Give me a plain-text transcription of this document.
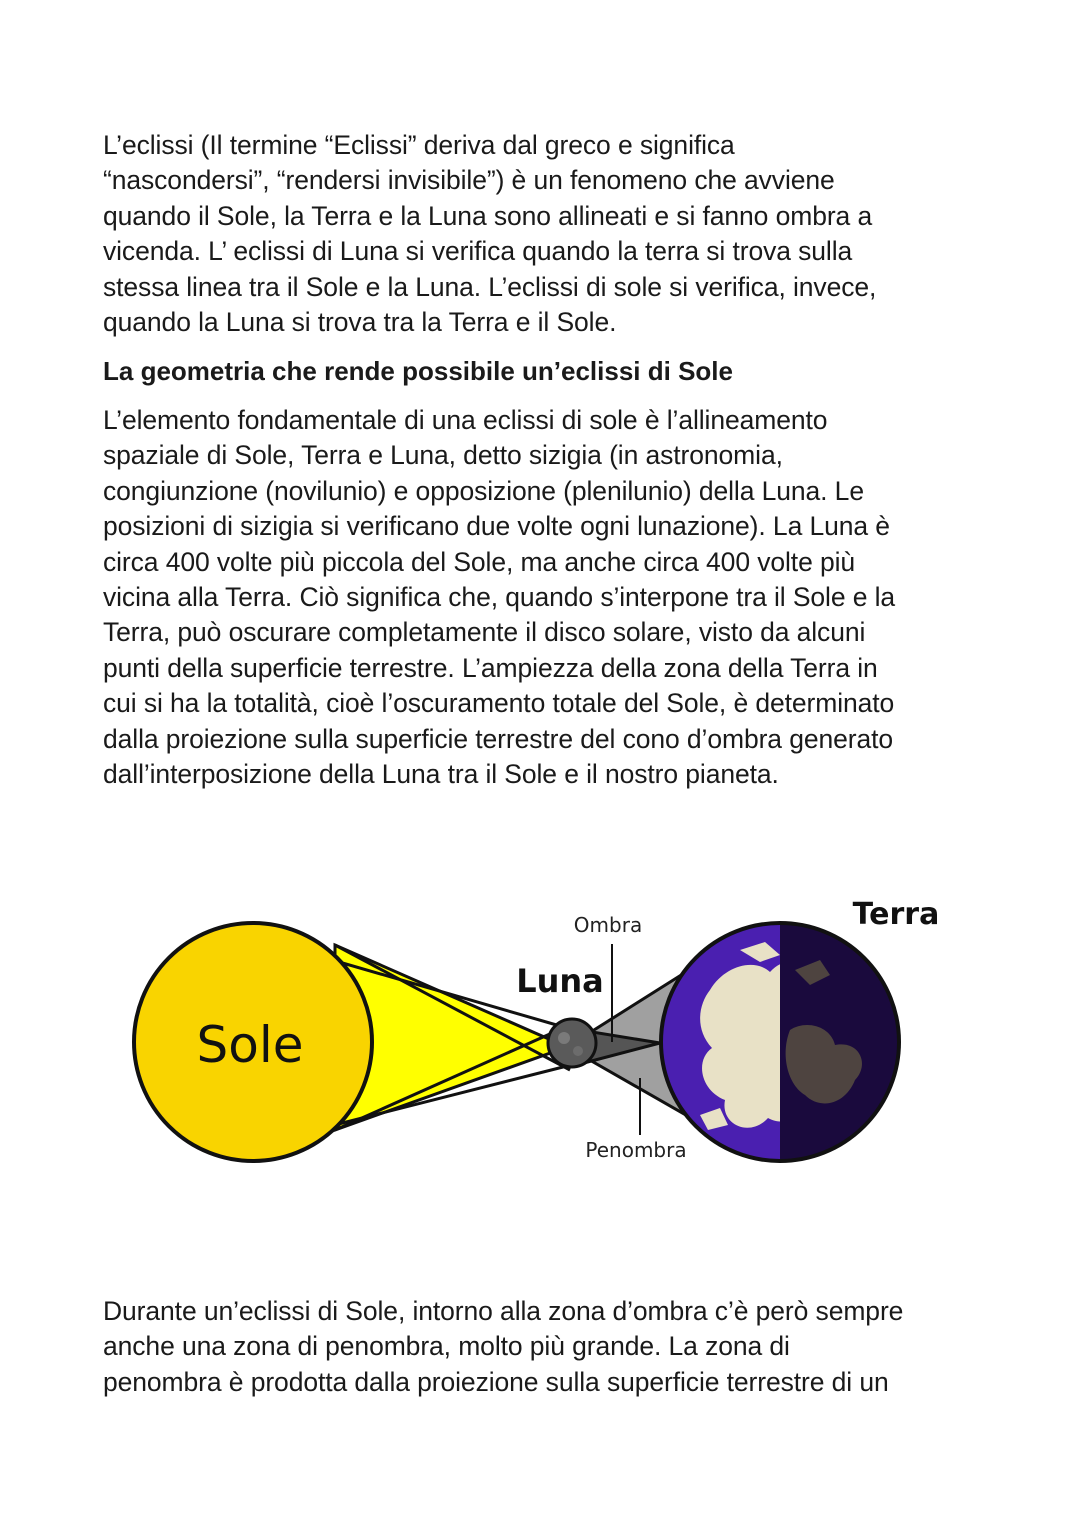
L’eclissi (Il termine “Eclissi” deriva dal greco e significa
“nascondersi”, “rendersi invisibile”) è un fenomeno che avviene
quando il Sole, la Terra e la Luna sono allineati e si fanno ombra a
vicenda. L’ eclissi di Luna si verifica quando la terra si trova sulla
stessa linea tra il Sole e la Luna. L’eclissi di sole si verifica, invece,
quando la Luna si trova tra la Terra e il Sole.

La geometria che rende possibile un’eclissi di Sole

L’elemento fondamentale di una eclissi di sole è l’allineamento
spaziale di Sole, Terra e Luna, detto sizigia (in astronomia,
congiunzione (novilunio) e opposizione (plenilunio) della Luna. Le
posizioni di sizigia si verificano due volte ogni lunazione). La Luna è
circa 400 volte più piccola del Sole, ma anche circa 400 volte più
vicina alla Terra. Ciò significa che, quando s’interpone tra il Sole e la
Terra, può oscurare completamente il disco solare, visto da alcuni
punti della superficie terrestre. L’ampiezza della zona della Terra in
cui si ha la totalità, cioè l’oscuramento totale del Sole, è determinato
dalla proiezione sulla superficie terrestre del cono d’ombra generato
dall’interposizione della Luna tra il Sole e il nostro pianeta.

Sole
Luna
Terra
Ombra
Penombra

Durante un’eclissi di Sole, intorno alla zona d’ombra c’è però sempre
anche una zona di penombra, molto più grande. La zona di
penombra è prodotta dalla proiezione sulla superficie terrestre di un
